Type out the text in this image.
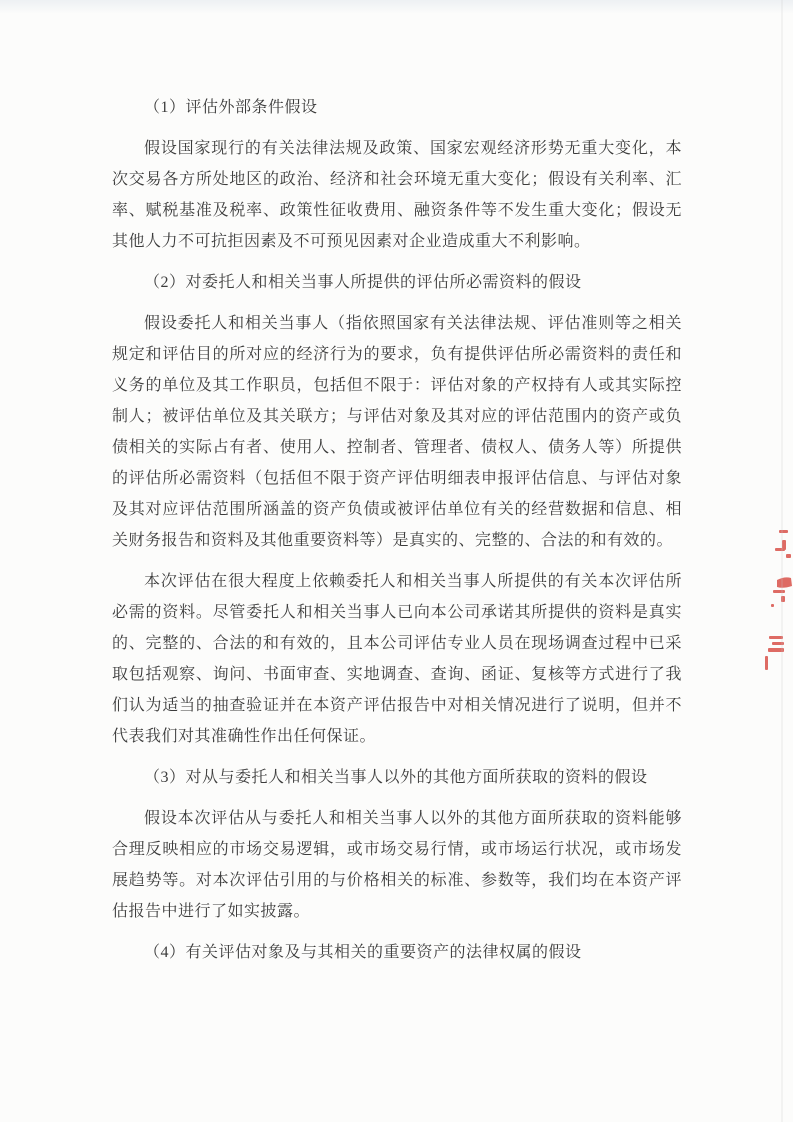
（1）评估外部条件假设
假设国家现行的有关法律法规及政策、国家宏观经济形势无重大变化，本次交易各方所处地区的政治、经济和社会环境无重大变化；假设有关利率、汇率、赋税基准及税率、政策性征收费用、融资条件等不发生重大变化；假设无其他人力不可抗拒因素及不可预见因素对企业造成重大不利影响。
（2）对委托人和相关当事人所提供的评估所必需资料的假设
假设委托人和相关当事人（指依照国家有关法律法规、评估准则等之相关规定和评估目的所对应的经济行为的要求，负有提供评估所必需资料的责任和义务的单位及其工作职员，包括但不限于：评估对象的产权持有人或其实际控制人；被评估单位及其关联方；与评估对象及其对应的评估范围内的资产或负债相关的实际占有者、使用人、控制者、管理者、债权人、债务人等）所提供的评估所必需资料（包括但不限于资产评估明细表申报评估信息、与评估对象及其对应评估范围所涵盖的资产负债或被评估单位有关的经营数据和信息、相关财务报告和资料及其他重要资料等）是真实的、完整的、合法的和有效的。
本次评估在很大程度上依赖委托人和相关当事人所提供的有关本次评估所必需的资料。尽管委托人和相关当事人已向本公司承诺其所提供的资料是真实的、完整的、合法的和有效的，且本公司评估专业人员在现场调查过程中已采取包括观察、询问、书面审查、实地调查、查询、函证、复核等方式进行了我们认为适当的抽查验证并在本资产评估报告中对相关情况进行了说明，但并不代表我们对其准确性作出任何保证。
（3）对从与委托人和相关当事人以外的其他方面所获取的资料的假设
假设本次评估从与委托人和相关当事人以外的其他方面所获取的资料能够合理反映相应的市场交易逻辑，或市场交易行情，或市场运行状况，或市场发展趋势等。对本次评估引用的与价格相关的标准、参数等，我们均在本资产评估报告中进行了如实披露。
（4）有关评估对象及与其相关的重要资产的法律权属的假设
